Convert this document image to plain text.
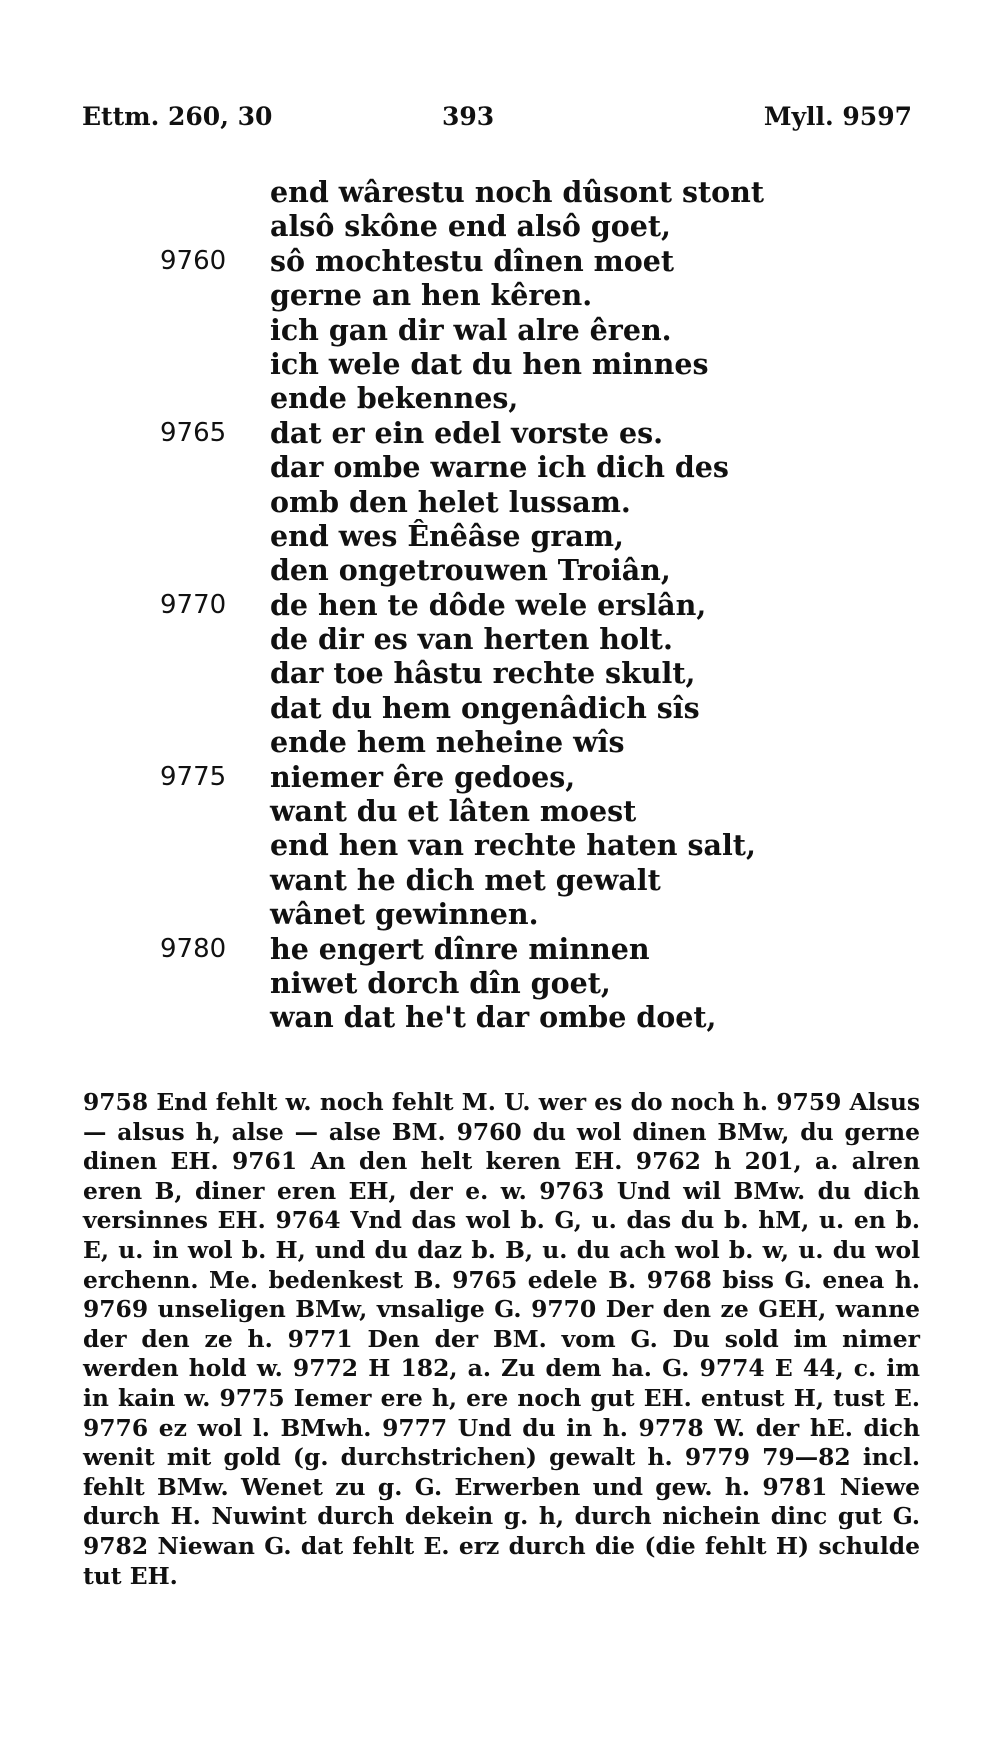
Ettm. 260, 30	393	Myll. 9597
end wârestu noch dûsont stont
alsô skône end alsô goet,
9760	sô mochtestu dînen moet
gerne an hen kêren.
ich gan dir wal alre êren.
ich wele dat du hen minnes
ende bekennes,
9765	dat er ein edel vorste es.
dar ombe warne ich dich des
omb den helet lussam.
end wes Ênêâse gram,
den ongetrouwen Troiân,
9770	de hen te dôde wele erslân,
de dir es van herten holt.
dar toe hâstu rechte skult,
dat du hem ongenâdich sîs
ende hem neheine wîs
9775	niemer êre gedoes,
want du et lâten moest
end hen van rechte haten salt,
want he dich met gewalt
wânet gewinnen.
9780	he engert dînre minnen
niwet dorch dîn goet,
wan dat he't dar ombe doet,

9758 End fehlt w. noch fehlt M. U. wer es do noch h. 9759 Alsus — alsus h, alse — alse BM. 9760 du wol dinen BMw, du gerne dinen EH. 9761 An den helt keren EH. 9762 h 201, a. alren eren B, diner eren EH, der e. w. 9763 Und wil BMw. du dich versinnes EH. 9764 Vnd das wol b. G, u. das du b. hM, u. en b. E, u. in wol b. H, und du daz b. B, u. du ach wol b. w, u. du wol erchenn. Me. bedenkest B. 9765 edele B. 9768 biss G. enea h. 9769 unseligen BMw, vnsalige G. 9770 Der den ze GEH, wanne der den ze h. 9771 Den der BM. vom G. Du sold im nimer werden hold w. 9772 H 182, a. Zu dem ha. G. 9774 E 44, c. im in kain w. 9775 Iemer ere h, ere noch gut EH. entust H, tust E. 9776 ez wol l. BMwh. 9777 Und du in h. 9778 W. der hE. dich wenit mit gold (g. durchstrichen) gewalt h. 9779 79—82 incl. fehlt BMw. Wenet zu g. G. Erwerben und gew. h. 9781 Niewe durch H. Nuwint durch dekein g. h, durch nichein dinc gut G. 9782 Niewan G. dat fehlt E. erz durch die (die fehlt H) schulde tut EH.
